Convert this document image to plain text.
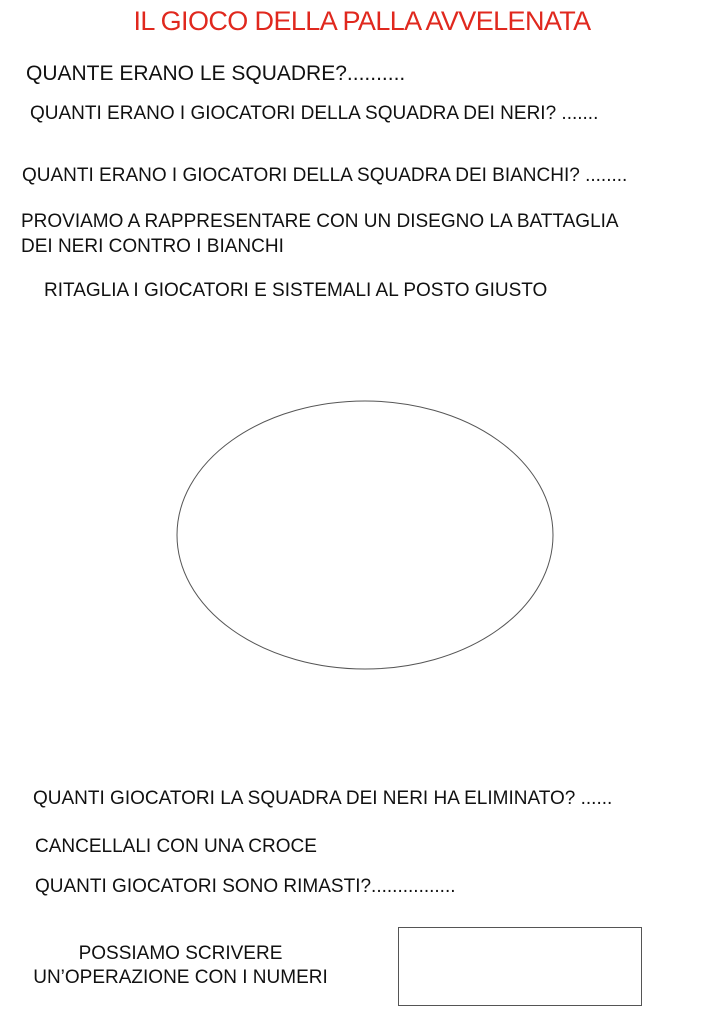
IL GIOCO DELLA PALLA AVVELENATA
QUANTE ERANO LE SQUADRE?..........
QUANTI ERANO I GIOCATORI DELLA SQUADRA DEI NERI? .......
QUANTI ERANO I GIOCATORI DELLA SQUADRA DEI BIANCHI? ........
PROVIAMO A RAPPRESENTARE CON UN DISEGNO LA BATTAGLIA
DEI NERI CONTRO I BIANCHI
RITAGLIA I GIOCATORI E SISTEMALI AL POSTO GIUSTO
QUANTI GIOCATORI LA SQUADRA DEI NERI HA ELIMINATO? ......
CANCELLALI CON UNA CROCE
QUANTI GIOCATORI SONO RIMASTI?................
POSSIAMO SCRIVERE
UN’OPERAZIONE CON I NUMERI
